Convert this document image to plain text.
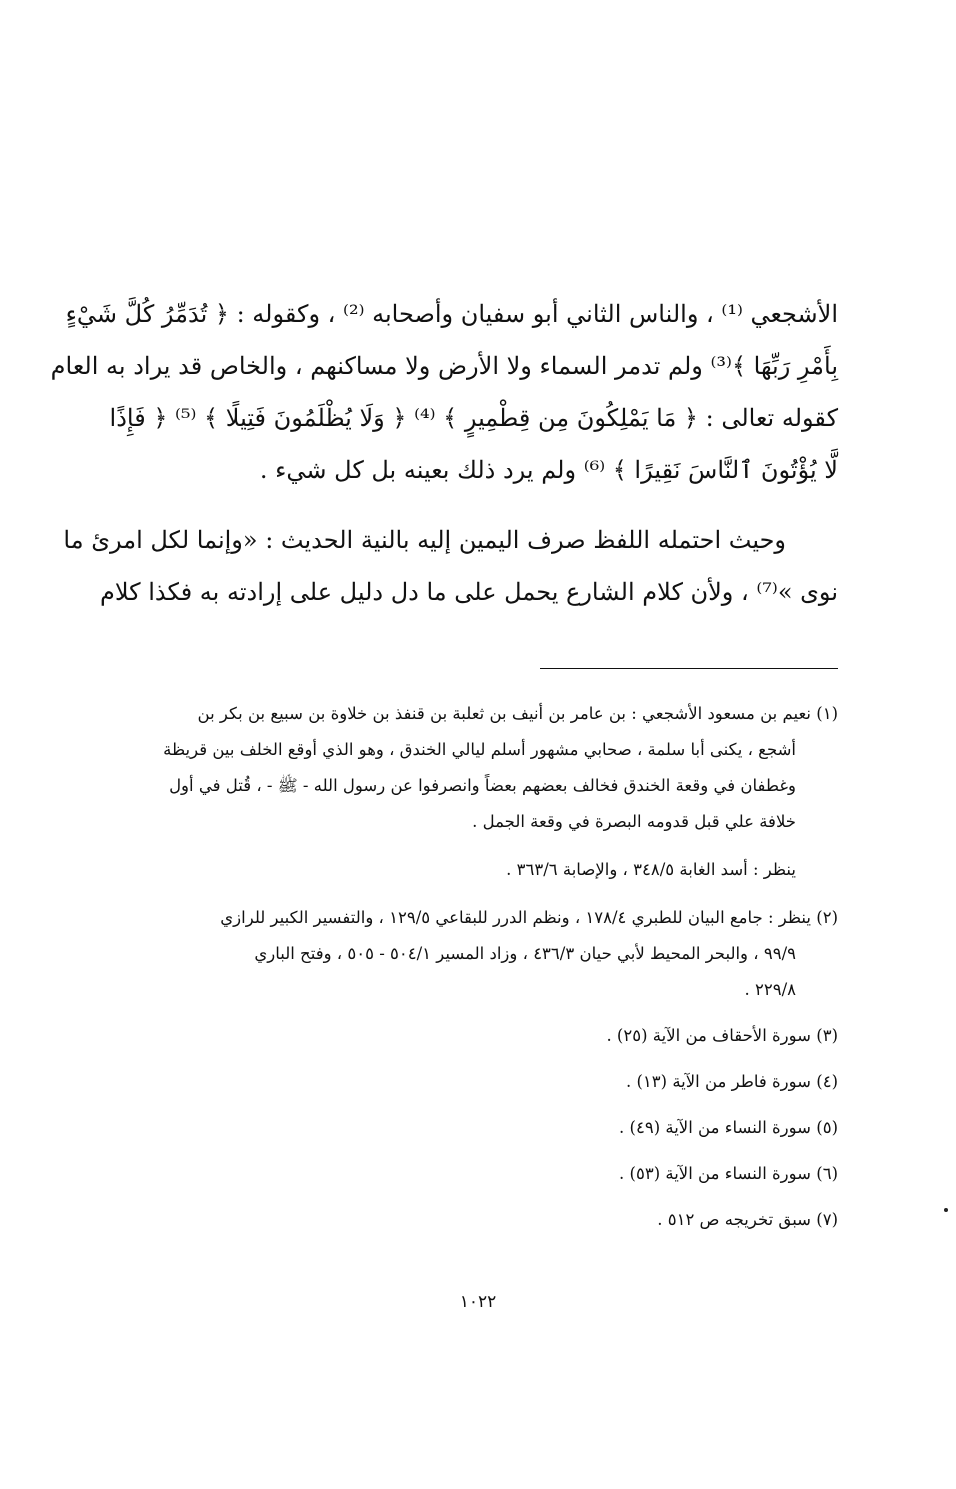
الأشجعي ⁽¹⁾ ، والناس الثاني أبو سفيان وأصحابه ⁽²⁾ ، وكقوله : ﴿ تُدَمِّرُ كُلَّ شَيْءٍ
بِأَمْرِ رَبِّهَا ﴾⁽³⁾ ولم تدمر السماء ولا الأرض ولا مساكنهم ، والخاص قد يراد به العام
كقوله تعالى : ﴿ مَا يَمْلِكُونَ مِن قِطْمِيرٍ ﴾ ⁽⁴⁾ ﴿ وَلَا يُظْلَمُونَ فَتِيلًا ﴾ ⁽⁵⁾ ﴿ فَإِذًا
لَّا يُؤْتُونَ ٱلنَّاسَ نَقِيرًا ﴾ ⁽⁶⁾ ولم يرد ذلك بعينه بل كل شيء .
وحيث احتمله اللفظ صرف اليمين إليه بالنية الحديث : «وإنما لكل امرئ ما
نوى »⁽⁷⁾ ، ولأن كلام الشارع يحمل على ما دل دليل على إرادته به فكذا كلام
(١) نعيم بن مسعود الأشجعي : بن عامر بن أنيف بن ثعلبة بن قنفذ بن خلاوة بن سبيع بن بكر بن
أشجع ، يكنى أبا سلمة ، صحابي مشهور أسلم ليالي الخندق ، وهو الذي أوقع الخلف بين قريظة
وغطفان في وقعة الخندق فخالف بعضهم بعضاً وانصرفوا عن رسول الله - ﷺ - ، قُتل في أول
خلافة علي قبل قدومه البصرة في وقعة الجمل .
ينظر : أسد الغابة ٣٤٨/٥ ، والإصابة ٣٦٣/٦ .
(٢) ينظر : جامع البيان للطبري ١٧٨/٤ ، ونظم الدرر للبقاعي ١٢٩/٥ ، والتفسير الكبير للرازي
٩٩/٩ ، والبحر المحيط لأبي حيان ٤٣٦/٣ ، وزاد المسير ٥٠٤/١ - ٥٠٥ ، وفتح الباري
٢٢٩/٨ .
(٣) سورة الأحقاف من الآية (٢٥) .
(٤) سورة فاطر من الآية (١٣) .
(٥) سورة النساء من الآية (٤٩) .
(٦) سورة النساء من الآية (٥٣) .
(٧) سبق تخريجه ص ٥١٢ .
١٠٢٢
